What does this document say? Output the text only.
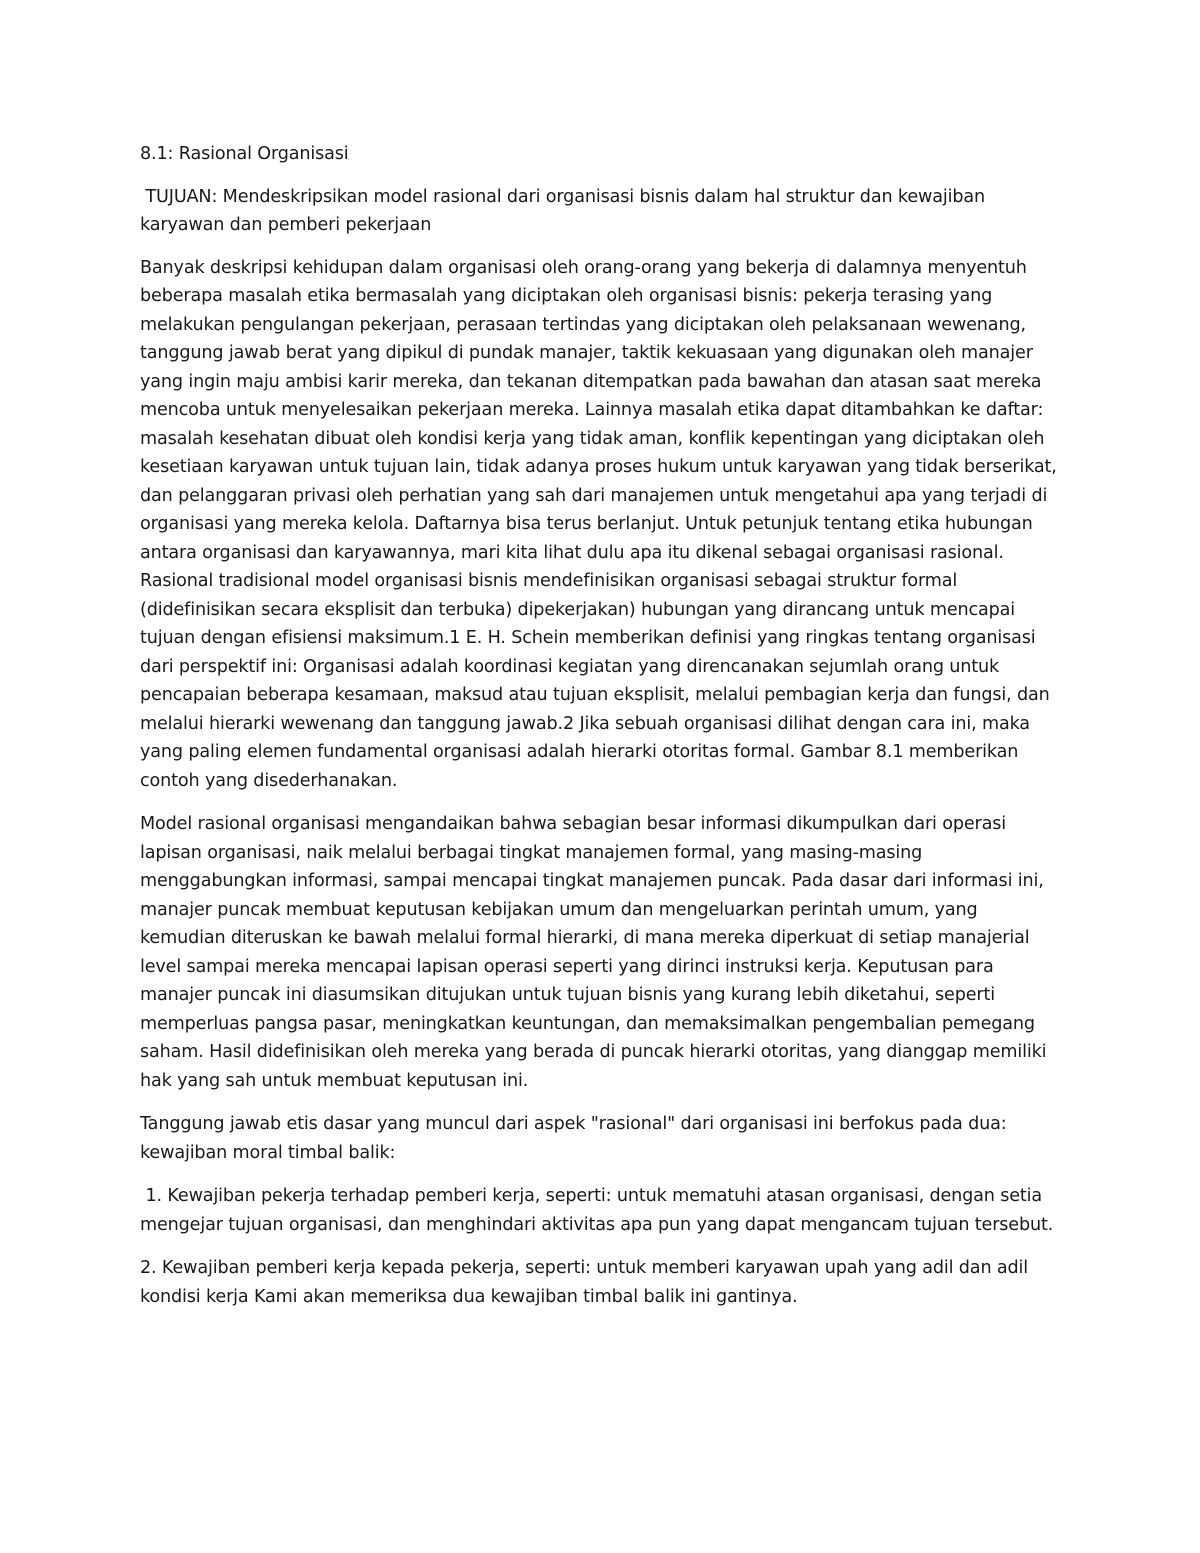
8.1: Rasional Organisasi

TUJUAN: Mendeskripsikan model rasional dari organisasi bisnis dalam hal struktur dan kewajiban karyawan dan pemberi pekerjaan

Banyak deskripsi kehidupan dalam organisasi oleh orang-orang yang bekerja di dalamnya menyentuh beberapa masalah etika bermasalah yang diciptakan oleh organisasi bisnis: pekerja terasing yang melakukan pengulangan pekerjaan, perasaan tertindas yang diciptakan oleh pelaksanaan wewenang, tanggung jawab berat yang dipikul di pundak manajer, taktik kekuasaan yang digunakan oleh manajer yang ingin maju ambisi karir mereka, dan tekanan ditempatkan pada bawahan dan atasan saat mereka mencoba untuk menyelesaikan pekerjaan mereka. Lainnya masalah etika dapat ditambahkan ke daftar: masalah kesehatan dibuat oleh kondisi kerja yang tidak aman, konflik kepentingan yang diciptakan oleh kesetiaan karyawan untuk tujuan lain, tidak adanya proses hukum untuk karyawan yang tidak berserikat, dan pelanggaran privasi oleh perhatian yang sah dari manajemen untuk mengetahui apa yang terjadi di organisasi yang mereka kelola. Daftarnya bisa terus berlanjut. Untuk petunjuk tentang etika hubungan antara organisasi dan karyawannya, mari kita lihat dulu apa itu dikenal sebagai organisasi rasional. Rasional tradisional model organisasi bisnis mendefinisikan organisasi sebagai struktur formal (didefinisikan secara eksplisit dan terbuka) dipekerjakan) hubungan yang dirancang untuk mencapai tujuan dengan efisiensi maksimum.1 E. H. Schein memberikan definisi yang ringkas tentang organisasi dari perspektif ini: Organisasi adalah koordinasi kegiatan yang direncanakan sejumlah orang untuk pencapaian beberapa kesamaan, maksud atau tujuan eksplisit, melalui pembagian kerja dan fungsi, dan melalui hierarki wewenang dan tanggung jawab.2 Jika sebuah organisasi dilihat dengan cara ini, maka yang paling elemen fundamental organisasi adalah hierarki otoritas formal. Gambar 8.1 memberikan contoh yang disederhanakan.

Model rasional organisasi mengandaikan bahwa sebagian besar informasi dikumpulkan dari operasi lapisan organisasi, naik melalui berbagai tingkat manajemen formal, yang masing-masing menggabungkan informasi, sampai mencapai tingkat manajemen puncak. Pada dasar dari informasi ini, manajer puncak membuat keputusan kebijakan umum dan mengeluarkan perintah umum, yang kemudian diteruskan ke bawah melalui formal hierarki, di mana mereka diperkuat di setiap manajerial level sampai mereka mencapai lapisan operasi seperti yang dirinci instruksi kerja. Keputusan para manajer puncak ini diasumsikan ditujukan untuk tujuan bisnis yang kurang lebih diketahui, seperti memperluas pangsa pasar, meningkatkan keuntungan, dan memaksimalkan pengembalian pemegang saham. Hasil didefinisikan oleh mereka yang berada di puncak hierarki otoritas, yang dianggap memiliki hak yang sah untuk membuat keputusan ini.

Tanggung jawab etis dasar yang muncul dari aspek "rasional" dari organisasi ini berfokus pada dua: kewajiban moral timbal balik:

1. Kewajiban pekerja terhadap pemberi kerja, seperti: untuk mematuhi atasan organisasi, dengan setia mengejar tujuan organisasi, dan menghindari aktivitas apa pun yang dapat mengancam tujuan tersebut.

2. Kewajiban pemberi kerja kepada pekerja, seperti: untuk memberi karyawan upah yang adil dan adil kondisi kerja Kami akan memeriksa dua kewajiban timbal balik ini gantinya.
